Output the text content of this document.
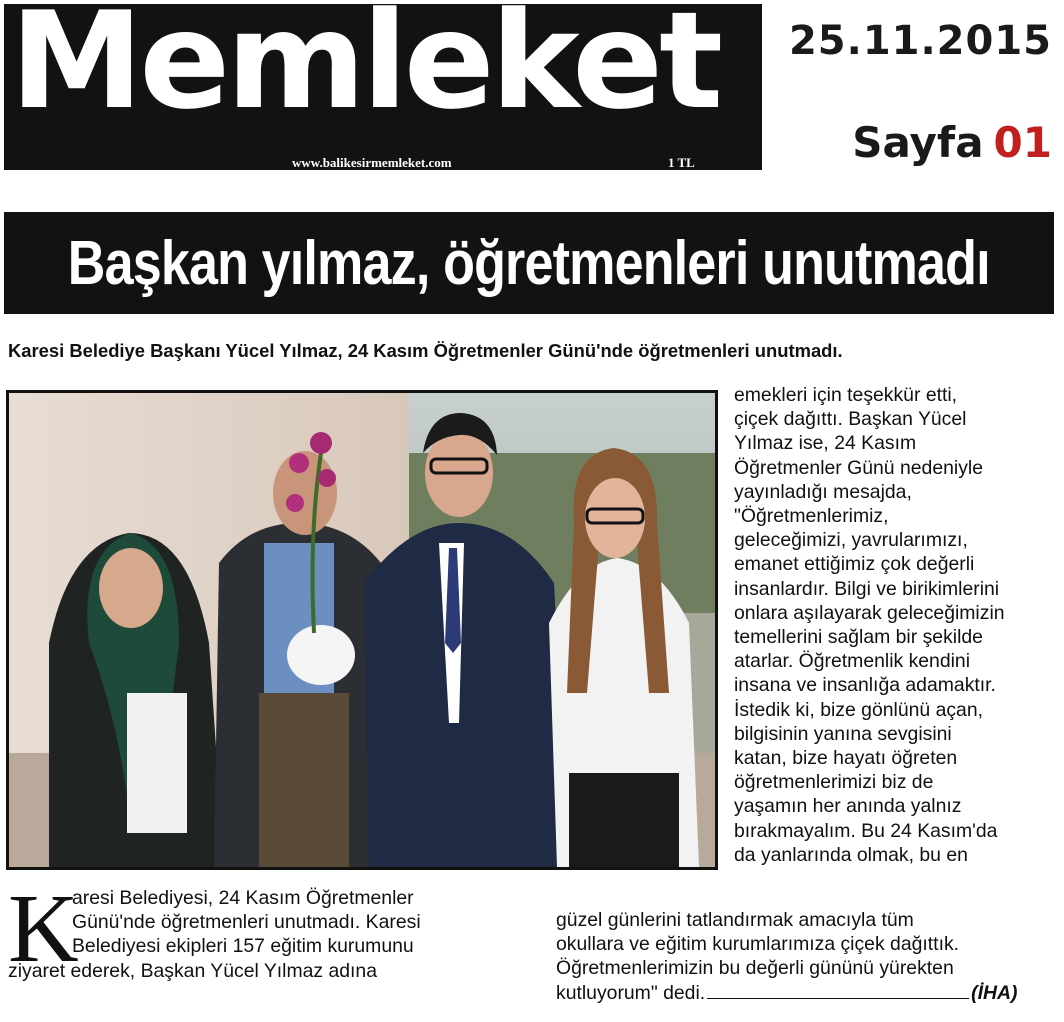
Memleket
www.balikesirmemleket.com	1 TL
25.11.2015
Sayfa 01
Başkan yılmaz, öğretmenleri unutmadı
Karesi Belediye Başkanı Yücel Yılmaz, 24 Kasım Öğretmenler Günü'nde öğretmenleri unutmadı.

emekleri için teşekkür etti,

çiçek dağıttı. Başkan Yücel

Yılmaz ise, 24 Kasım

Öğretmenler Günü nedeniyle

yayınladığı mesajda,

"Öğretmenlerimiz,

geleceğimizi, yavrularımızı,

emanet ettiğimiz çok değerli

insanlardır. Bilgi ve birikimlerini

onlara aşılayarak geleceğimizin

temellerini sağlam bir şekilde

atarlar. Öğretmenlik kendini

insana ve insanlığa adamaktır.

İstedik ki, bize gönlünü açan,

bilgisinin yanına sevgisini

katan, bize hayatı öğreten

öğretmenlerimizi biz de

yaşamın her anında yalnız

bırakmayalım. Bu 24 Kasım'da

da yanlarında olmak, bu en

K

aresi Belediyesi, 24 Kasım Öğretmenler

Günü'nde öğretmenleri unutmadı. Karesi

Belediyesi ekipleri 157 eğitim kurumunu

ziyaret ederek, Başkan Yücel Yılmaz adına

güzel günlerini tatlandırmak amacıyla tüm

okullara ve eğitim kurumlarımıza çiçek dağıttık.

Öğretmenlerimizin bu değerli gününü yürekten

kutluyorum" dedi.	(İHA)
